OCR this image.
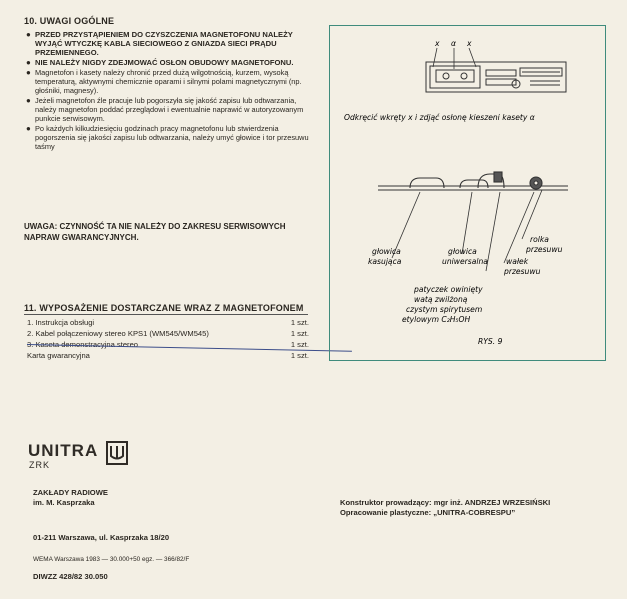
10. UWAGI OGÓLNE
● PRZED PRZYSTĄPIENIEM DO CZYSZCZENIA MAGNETOFONU NALEŻY WYJĄĆ WTYCZKĘ KABLA SIECIOWEGO Z GNIAZDA SIECI PRĄDU PRZEMIENNEGO.
● NIE NALEŻY NIGDY ZDEJMOWAĆ OSŁON OBUDOWY MAGNETOFONU.
● Magnetofon i kasety należy chronić przed dużą wilgotnością, kurzem, wysoką temperaturą, aktywnymi chemicznie oparami i silnymi polami magnetycznymi (np. głośniki, magnesy).
● Jeżeli magnetofon źle pracuje lub pogorszyła się jakość zapisu lub odtwarzania, należy magnetofon poddać przeglądowi i ewentualnie naprawić w autoryzowanym punkcie serwisowym.
● Po każdych kilkudziesięciu godzinach pracy magnetofonu lub stwierdzenia pogorszenia się jakości zapisu lub odtwarzania, należy umyć głowice i tor przesuwu taśmy
UWAGA: CZYNNOŚĆ TA NIE NALEŻY DO ZAKRESU SERWISOWYCH NAPRAW GWARANCYJNYCH.
11. WYPOSAŻENIE DOSTARCZANE WRAZ Z MAGNETOFONEM
1. Instrukcja obsługi	1 szt.
2. Kabel połączeniowy stereo KPS1 (WM545/WM545)	1 szt.
3. Kaseta demonstracyjna stereo	1 szt.
Karta gwarancyjna	1 szt.
x α x
Odkręcić wkręty x i zdjąć osłonę kieszeni kasety α
głowica
kasująca
głowica
uniwersalna
rolka
przesuwu
wałek
przesuwu
patyczek owinięty
watą zwilżoną
czystym spirytusem
etylowym C₂H₅OH
RYS. 9
UNITRA
ZRK
ZAKŁADY RADIOWE
im. M. Kasprzaka
01-211 Warszawa, ul. Kasprzaka 18/20
Konstruktor prowadzący: mgr inż. ANDRZEJ WRZESIŃSKI
Opracowanie plastyczne: „UNITRA-COBRESPU”
WEMA Warszawa 1983 — 30.000+50 egz. — 366/82/F
DIWZZ 428/82 30.050
